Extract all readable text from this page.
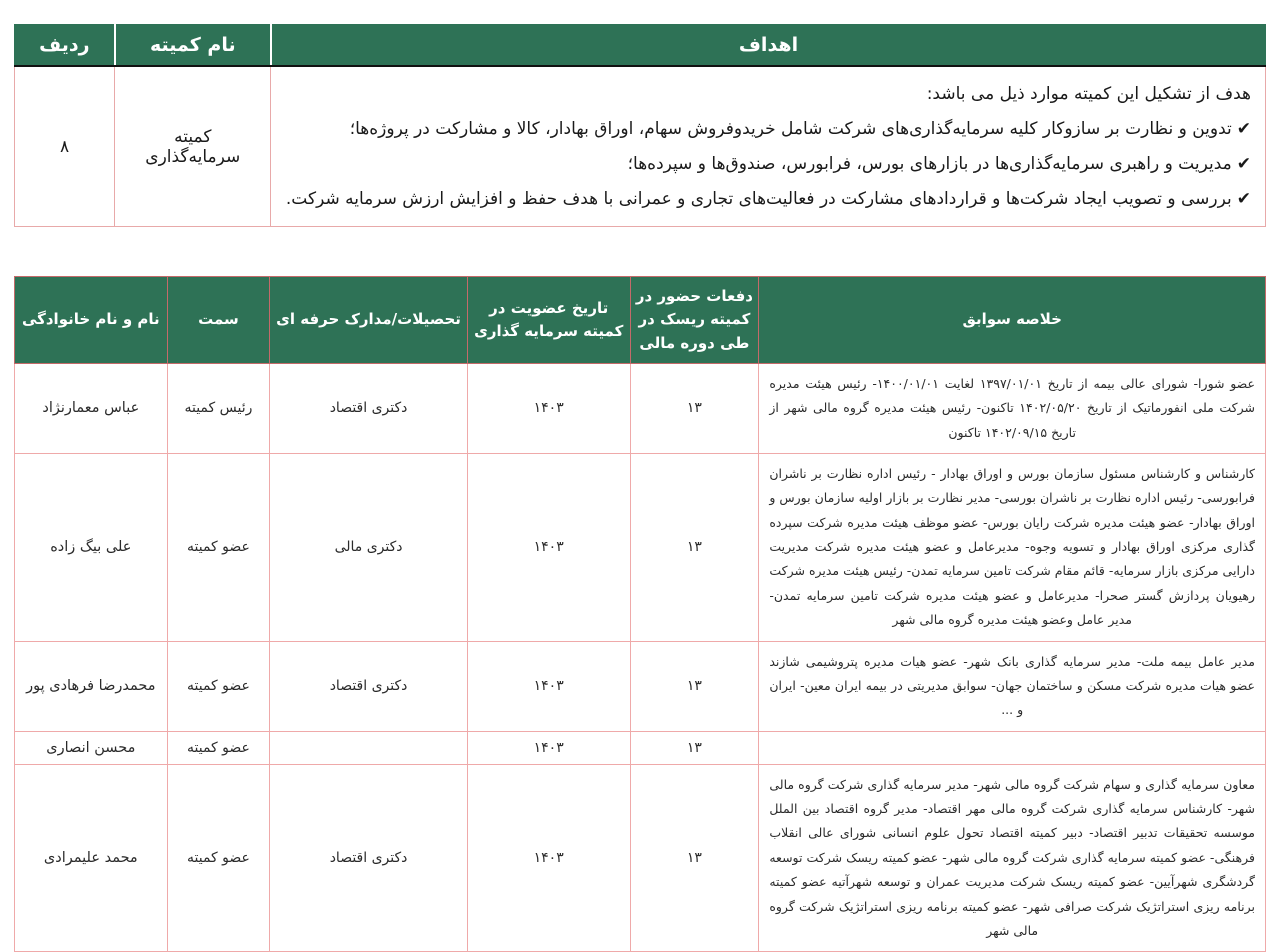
اهداف	نام کمیته	ردیف

هدف از تشکیل این کمیته موارد ذیل می باشد:
✔تدوین و نظارت بر سازوکار کلیه سرمایه‌گذاری‌های شرکت شامل خریدوفروش سهام، اوراق بهادار، کالا و مشارکت در پروژه‌ها؛
✔مدیریت و راهبری سرمایه‌گذاری‌ها در بازارهای بورس، فرابورس، صندوق‌ها و سپرده‌ها؛
✔بررسی و تصویب ایجاد شرکت‌ها و قراردادهای مشارکت در فعالیت‌های تجاری و عمرانی با هدف حفظ و افزایش ارزش سرمایه شرکت.	کمیته سرمایه‌گذاری	۸
خلاصه سوابق	دفعات حضور در کمیته ریسک در طی دوره مالی	تاریخ عضویت در کمیته سرمایه گذاری	تحصیلات/مدارک حرفه ای	سمت	نام و نام خانوادگی
عضو شورا- شورای عالی بیمه از تاریخ ۱۳۹۷/۰۱/۰۱ لغایت ۱۴۰۰/۰۱/۰۱- رئیس هیئت مدیره شرکت ملی انفورماتیک از تاریخ ۱۴۰۲/۰۵/۲۰ تاکنون- رئیس هیئت مدیره گروه مالی شهر از تاریخ ۱۴۰۲/۰۹/۱۵ تاکنون	۱۳	۱۴۰۳	دکتری اقتصاد	رئیس کمیته	عباس معمارنژاد
کارشناس و کارشناس مسئول سازمان بورس و اوراق بهادار - رئیس اداره نظارت بر ناشران فرابورسی- رئیس اداره نظارت بر ناشران بورسی- مدیر نظارت بر بازار اولیه سازمان بورس و اوراق بهادار- عضو هیئت مدیره شرکت رایان بورس- عضو موظف هیئت مدیره شرکت سپرده گذاری مرکزی اوراق بهادار و تسویه وجوه- مدیرعامل و عضو هیئت مدیره شرکت مدیریت دارایی مرکزی بازار سرمایه- قائم مقام شرکت تامین سرمایه تمدن- رئیس هیئت مدیره شرکت رهیویان پردازش گستر صحرا- مدیرعامل و عضو هیئت مدیره شرکت تامین سرمایه تمدن- مدیر عامل وعضو هیئت مدیره گروه مالی شهر	۱۳	۱۴۰۳	دکتری مالی	عضو کمیته	علی بیگ زاده
مدیر عامل بیمه ملت- مدیر سرمایه گذاری بانک شهر- عضو هیات مدیره پتروشیمی شازند عضو هیات مدیره شرکت مسکن و ساختمان جهان- سوابق مدیریتی در بیمه ایران معین- ایران و ...	۱۳	۱۴۰۳	دکتری اقتصاد	عضو کمیته	محمدرضا فرهادی پور
	۱۳	۱۴۰۳		عضو کمیته	محسن انصاری
معاون سرمایه گذاری و سهام شرکت گروه مالی شهر- مدیر سرمایه گذاری شرکت گروه مالی شهر- کارشناس سرمایه گذاری شرکت گروه مالی مهر اقتصاد- مدیر گروه اقتصاد بین الملل موسسه تحقیقات تدبیر اقتصاد- دبیر کمیته اقتصاد تحول علوم انسانی شورای عالی انقلاب فرهنگی- عضو کمیته سرمایه گذاری شرکت گروه مالی شهر- عضو کمیته ریسک شرکت توسعه گردشگری شهرآیین- عضو کمیته ریسک شرکت مدیریت عمران و توسعه شهرآتیه عضو کمیته برنامه ریزی استراتژیک شرکت صرافی شهر- عضو کمیته برنامه ریزی استراتژیک شرکت گروه مالی شهر	۱۳	۱۴۰۳	دکتری اقتصاد	عضو کمیته	محمد علیمرادی
